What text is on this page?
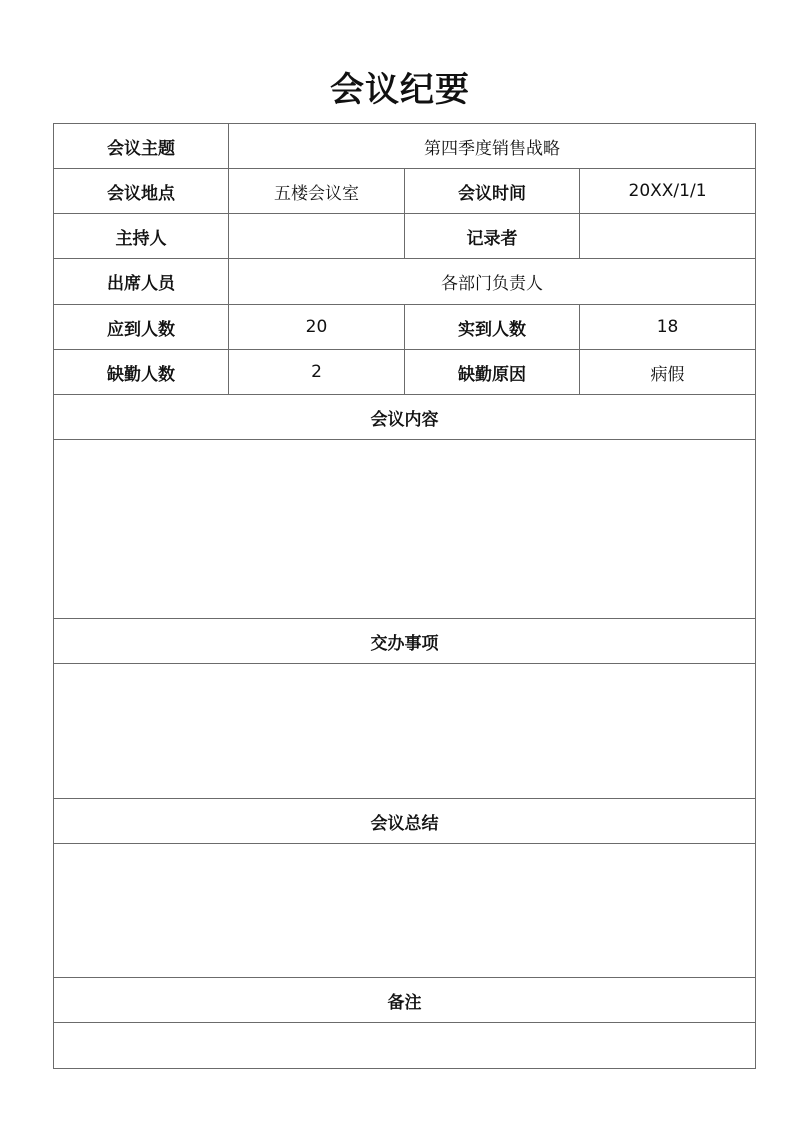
会议纪要
会议主题	第四季度销售战略		
会议地点	五楼会议室	会议时间	20XX/1/1
主持人		记录者	
出席人员	各部门负责人		
应到人数	20	实到人数	18
缺勤人数	2	缺勤原因	病假
会议内容			

交办事项			

会议总结			

备注			
